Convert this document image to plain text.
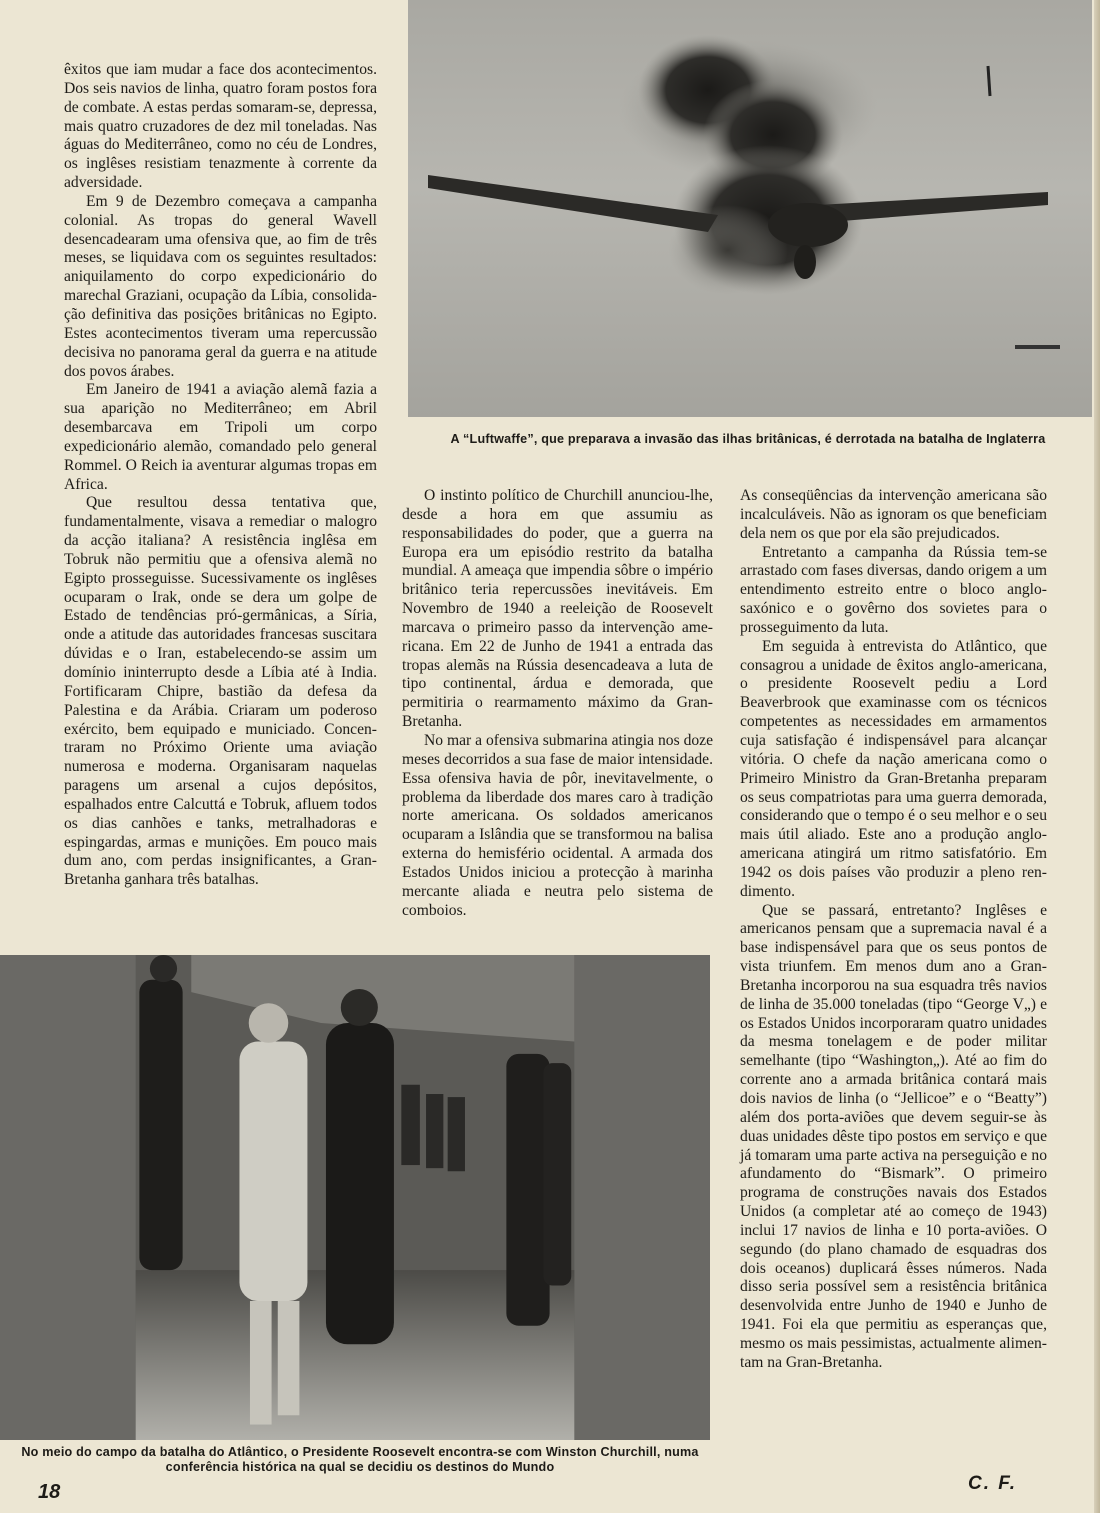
A “Luftwaffe”, que preparava a invasão das ilhas britânicas, é derrotada na batalha de Inglaterra

êxitos que iam mudar a face dos acontecimentos. Dos seis navios de linha, quatro foram postos fora de combate. A estas perdas somaram-se, depressa, mais quatro cruzadores de dez mil toneladas. Nas águas do Mediterrâneo, como no céu de Londres, os inglêses resistiam tenazmente à corrente da adversidade.

Em 9 de Dezembro começava a campanha colonial. As tropas do general Wavell desencadearam uma ofensiva que, ao fim de três meses, se liquidava com os seguintes resultados: aniquilamento do corpo expedicionário do marechal Graziani, ocupação da Líbia, consolidação definitiva das posições britânicas no Egipto. Estes acontecimentos tiveram uma repercussão decisiva no panorama geral da guerra e na atitude dos povos árabes.

Em Janeiro de 1941 a aviação alemã fazia a sua aparição no Mediterrâneo; em Abril desembarcava em Tripoli um corpo expedicionário alemão, comandado pelo general Rommel. O Reich ia aventurar algumas tropas em Africa.

Que resultou dessa tentativa que, fundamentalmente, visava a remediar o malogro da acção italiana? A resistência inglêsa em Tobruk não permitiu que a ofensiva alemã no Egipto prosseguisse. Sucessivamente os inglêses ocuparam o Irak, onde se dera um golpe de Estado de tendências pró-germânicas, a Síria, onde a atitude das autoridades francesas suscitara dúvidas e o Iran, estabelecendo-se assim um domínio ininterrupto desde a Líbia até à India. Fortificaram Chipre, bastião da defesa da Palestina e da Arábia. Criaram um poderoso exército, bem equipado e municiado. Concentraram no Próximo Oriente uma aviação numerosa e moderna. Organisaram naquelas paragens um arsenal a cujos depósitos, espalhados entre Calcuttá e Tobruk, afluem todos os dias canhões e tanks, metralhadoras e espingardas, armas e munições. Em pouco mais dum ano, com perdas insignificantes, a Gran-Bretanha ganhara três batalhas.

O instinto político de Churchill anunciou-lhe, desde a hora em que assumiu as responsabilidades do poder, que a guerra na Europa era um episódio restrito da batalha mundial. A ameaça que impendia sôbre o império britânico teria repercussões inevitáveis. Em Novembro de 1940 a reeleição de Roosevelt marcava o primeiro passo da intervenção americana. Em 22 de Junho de 1941 a entrada das tropas alemãs na Rússia desencadeava a luta de tipo continental, árdua e demorada, que permitiria o rearmamento máximo da Gran-Bretanha.

No mar a ofensiva submarina atingia nos doze meses decorridos a sua fase de maior intensidade. Essa ofensiva havia de pôr, inevitavelmente, o problema da liberdade dos mares caro à tradição norte americana. Os soldados americanos ocuparam a Islândia que se transformou na balisa externa do hemisfério ocidental. A armada dos Estados Unidos iniciou a protecção à marinha mercante aliada e neutra pelo sistema de comboios.

As conseqüências da intervenção americana são incalculáveis. Não as ignoram os que beneficiam dela nem os que por ela são prejudicados.

Entretanto a campanha da Rússia tem-se arrastado com fases diversas, dando origem a um entendimento estreito entre o bloco anglo-saxónico e o govêrno dos sovietes para o prosseguimento da luta.

Em seguida à entrevista do Atlântico, que consagrou a unidade de êxitos anglo-americana, o presidente Roosevelt pediu a Lord Beaverbrook que examinasse com os técnicos competentes as necessidades em armamentos cuja satisfação é indispensável para alcançar vitória. O chefe da nação americana como o Primeiro Ministro da Gran-Bretanha preparam os seus compatriotas para uma guerra demorada, considerando que o tempo é o seu melhor e o seu mais útil aliado. Este ano a produção anglo-americana atingirá um ritmo satisfatório. Em 1942 os dois países vão produzir a pleno rendimento.

Que se passará, entretanto? Inglêses e americanos pensam que a supremacia naval é a base indispensável para que os seus pontos de vista triunfem. Em menos dum ano a Gran-Bretanha incorporou na sua esquadra três navios de linha de 35.000 toneladas (tipo “George V„) e os Estados Unidos incorporaram quatro unidades da mesma tonelagem e de poder militar semelhante (tipo “Washington„). Até ao fim do corrente ano a armada britânica contará mais dois navios de linha (o “Jellicoe” e o “Beatty”) além dos porta-aviões que devem seguir-se às duas unidades dêste tipo postos em serviço e que já tomaram uma parte activa na perseguição e no afundamento do “Bismark”. O primeiro programa de construções navais dos Estados Unidos (a completar até ao começo de 1943) inclui 17 navios de linha e 10 porta-aviões. O segundo (do plano chamado de esquadras dos dois oceanos) duplicará êsses números. Nada disso seria possível sem a resistência britânica desenvolvida entre Junho de 1940 e Junho de 1941. Foi ela que permitiu as esperanças que, mesmo os mais pessimistas, actualmente alimentam na Gran-Bretanha.

No meio do campo da batalha do Atlântico, o Presidente Roosevelt encontra-se com Winston Churchill, numa conferência histórica na qual se decidiu os destinos do Mundo
18	C. F.
